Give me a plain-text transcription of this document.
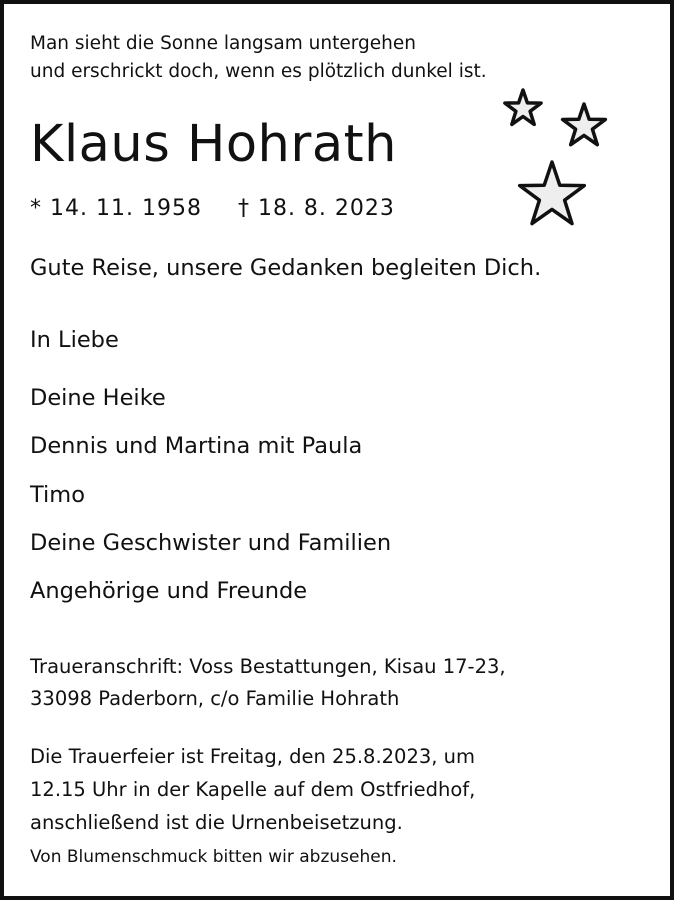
Man sieht die Sonne langsam untergehen
und erschrickt doch, wenn es plötzlich dunkel ist.
Klaus Hohrath
* 14. 11. 1958 † 18. 8. 2023
Gute Reise, unsere Gedanken begleiten Dich.
In Liebe
Deine Heike
Dennis und Martina mit Paula
Timo
Deine Geschwister und Familien
Angehörige und Freunde
Traueranschrift: Voss Bestattungen, Kisau 17-23,
33098 Paderborn, c/o Familie Hohrath
Die Trauerfeier ist Freitag, den 25.8.2023, um
12.15 Uhr in der Kapelle auf dem Ostfriedhof,
anschließend ist die Urnenbeisetzung.
Von Blumenschmuck bitten wir abzusehen.
